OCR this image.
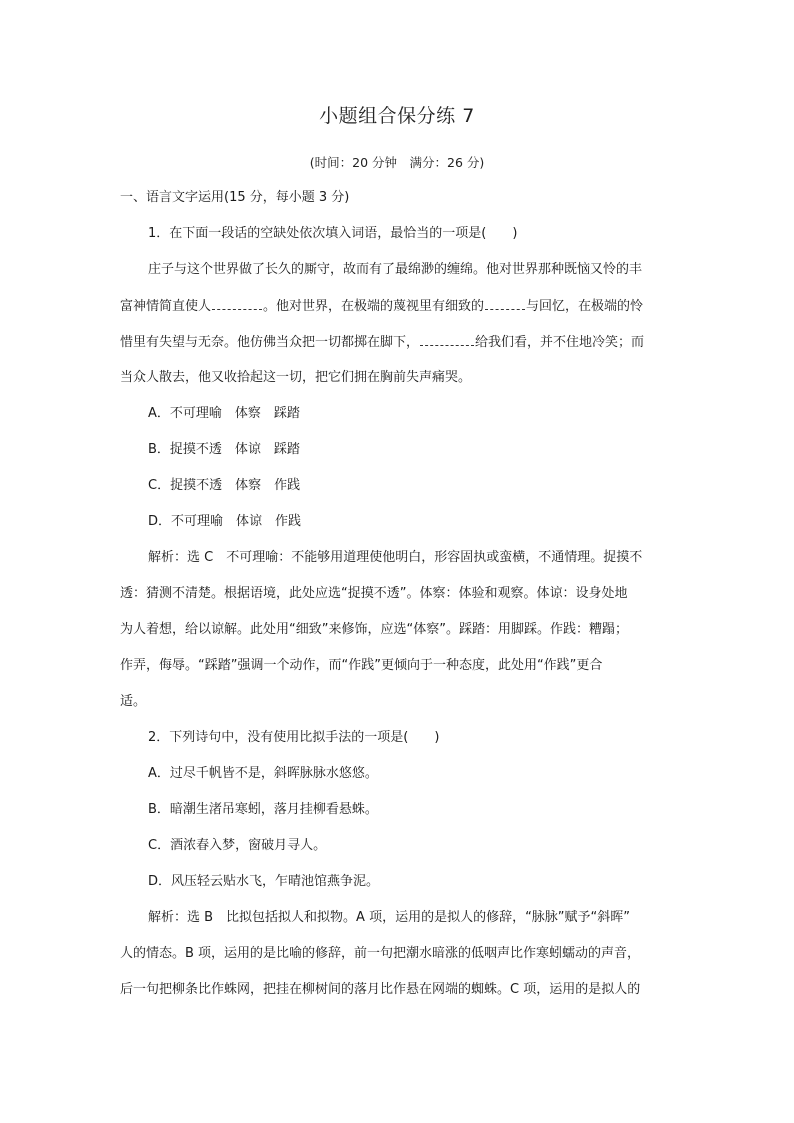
小题组合保分练 7
(时间：20 分钟　满分：26 分)
一、语言文字运用(15 分，每小题 3 分)
1．在下面一段话的空缺处依次填入词语，最恰当的一项是(　　)
庄子与这个世界做了长久的厮守，故而有了最绵渺的缠绵。他对世界那种既恼又怜的丰
富神情简直使人	。他对世界，在极端的蔑视里有细致的	与回忆，在极端的怜
惜里有失望与无奈。他仿佛当众把一切都掷在脚下，	给我们看，并不住地冷笑；而
当众人散去，他又收拾起这一切，把它们拥在胸前失声痛哭。
A．不可理喻　体察　踩踏
B．捉摸不透　体谅　踩踏
C．捉摸不透　体察　作践
D．不可理喻　体谅　作践
解析：选 C　不可理喻：不能够用道理使他明白，形容固执或蛮横，不通情理。捉摸不
透：猜测不清楚。根据语境，此处应选“捉摸不透”。体察：体验和观察。体谅：设身处地
为人着想，给以谅解。此处用“细致”来修饰，应选“体察”。踩踏：用脚踩。作践：糟蹋；
作弄，侮辱。“踩踏”强调一个动作，而“作践”更倾向于一种态度，此处用“作践”更合
适。
2．下列诗句中，没有使用比拟手法的一项是(　　)
A．过尽千帆皆不是，斜晖脉脉水悠悠。
B．暗潮生渚吊寒蚓，落月挂柳看悬蛛。
C．酒浓春入梦，窗破月寻人。
D．风压轻云贴水飞，乍晴池馆燕争泥。
解析：选 B　比拟包括拟人和拟物。A 项，运用的是拟人的修辞，“脉脉”赋予“斜晖”
人的情态。B 项，运用的是比喻的修辞，前一句把潮水暗涨的低咽声比作寒蚓蠕动的声音，
后一句把柳条比作蛛网，把挂在柳树间的落月比作悬在网端的蜘蛛。C 项，运用的是拟人的
